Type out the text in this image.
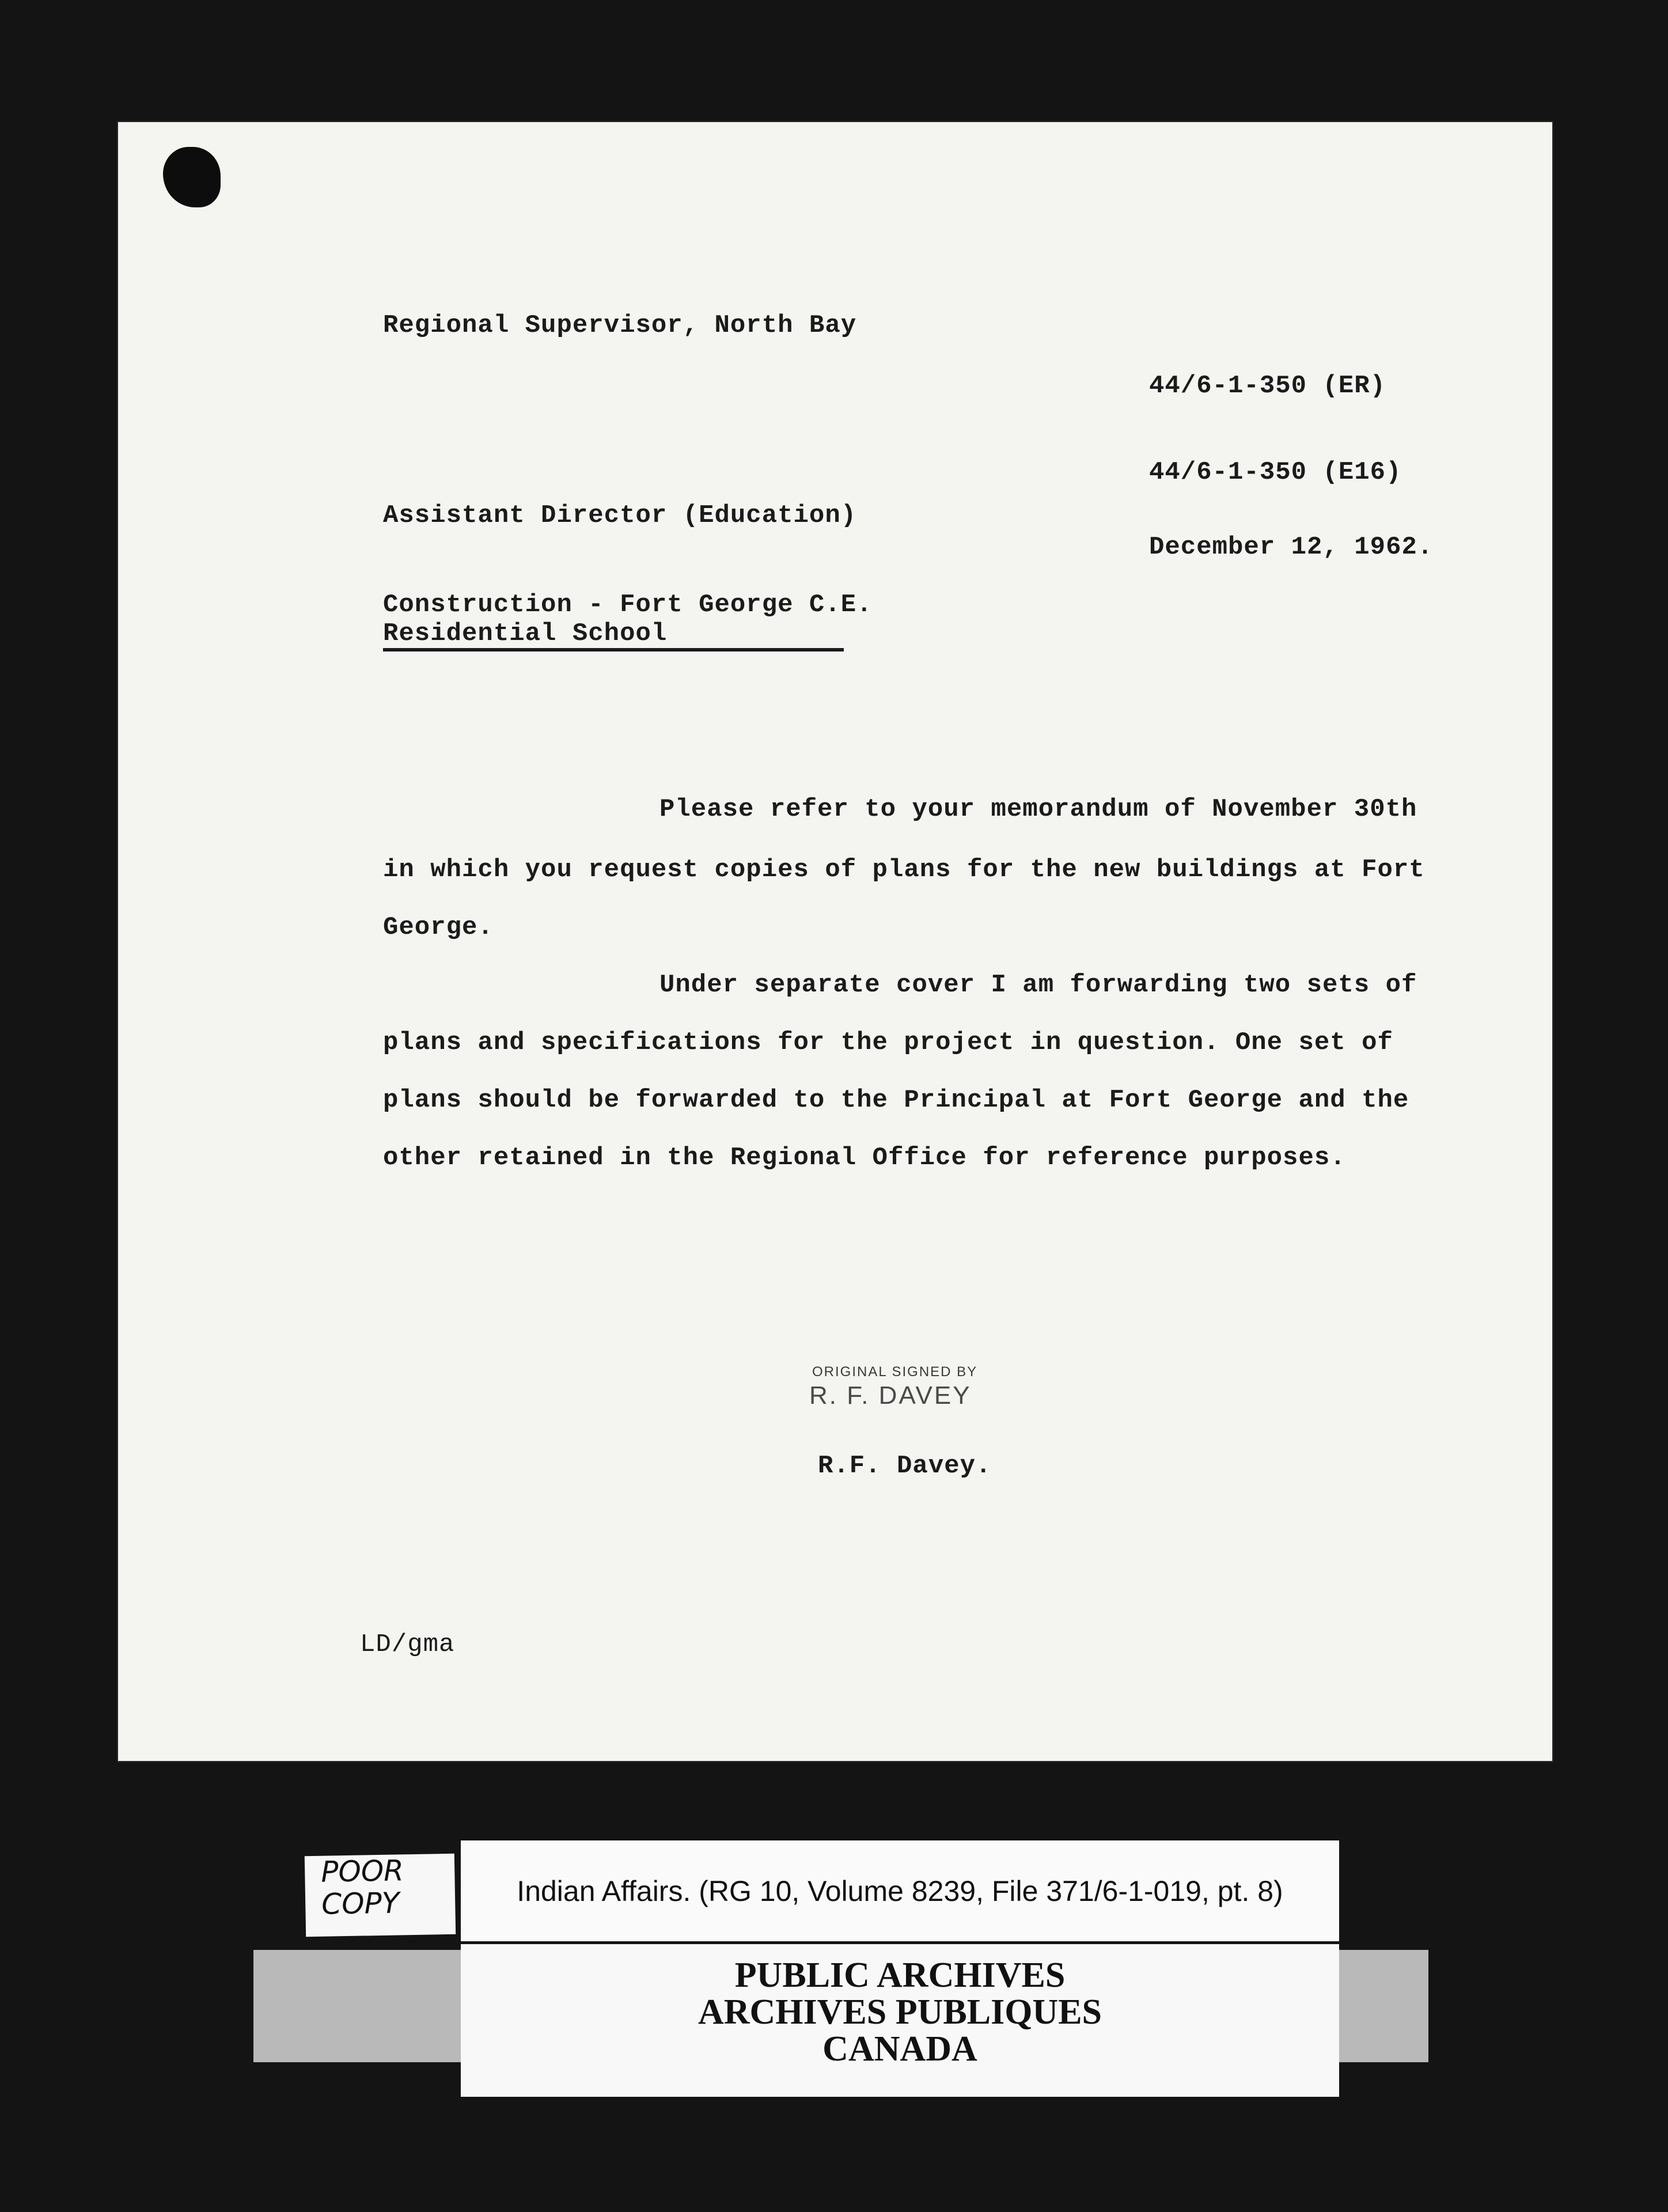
Regional Supervisor, North Bay
44/6-1-350 (ER)
44/6-1-350 (E16)
Assistant Director (Education)
December 12, 1962.
Construction - Fort George C.E.
Residential School
Please refer to your memorandum of November 30th
in which you request copies of plans for the new buildings at Fort
George.
Under separate cover I am forwarding two sets of
plans and specifications for the project in question. One set of
plans should be forwarded to the Principal at Fort George and the
other retained in the Regional Office for reference purposes.
ORIGINAL SIGNED BY
R. F. DAVEY
R.F. Davey.
LD/gma
POOR
COPY	Indian Affairs. (RG 10, Volume 8239, File 371/6-1-019, pt. 8)
PUBLIC ARCHIVES
ARCHIVES PUBLIQUES
CANADA
